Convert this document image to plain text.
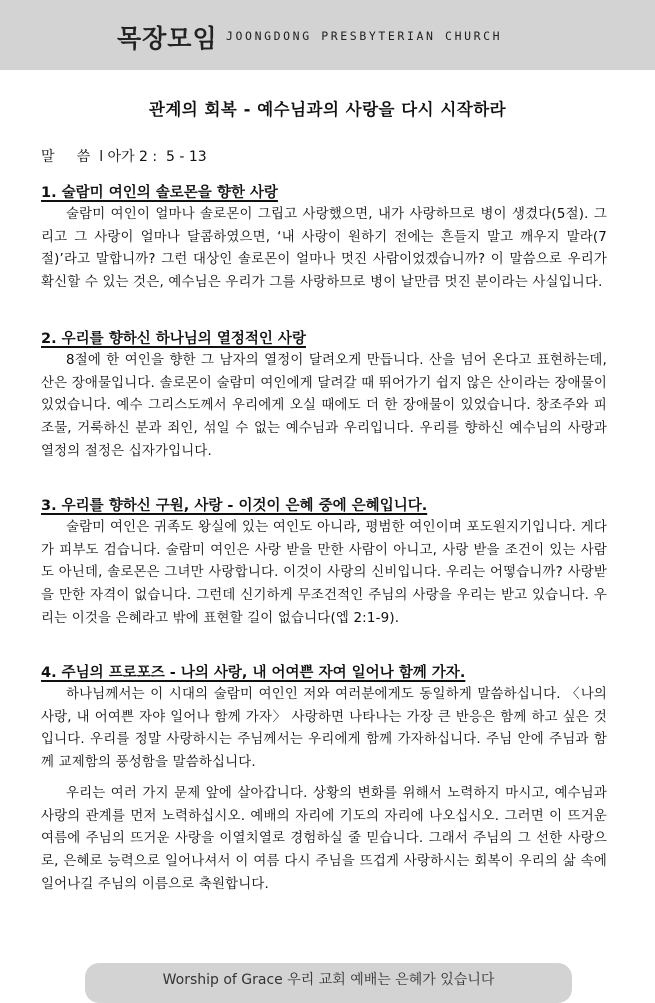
목장모임 JOONGDONG PRESBYTERIAN CHURCH
관계의 회복 - 예수님과의 사랑을 다시 시작하라
말     씀  l 아가 2 :  5 - 13

1. 술람미 여인의 솔로몬을 향한 사랑

술람미 여인이 얼마나 솔로몬이 그립고 사랑했으면, 내가 사랑하므로 병이 생겼다(5절). 그리고 그 사랑이 얼마나 달콤하였으면, ‘내 사랑이 원하기 전에는 흔들지 말고 깨우지 말라(7절)’라고 말합니까? 그런 대상인 솔로몬이 얼마나 멋진 사람이었겠습니까? 이 말씀으로 우리가 확신할 수 있는 것은, 예수님은 우리가 그를 사랑하므로 병이 날만큼 멋진 분이라는 사실입니다.

2. 우리를 향하신 하나님의 열정적인 사랑

8절에 한 여인을 향한 그 남자의 열정이 달려오게 만듭니다. 산을 넘어 온다고 표현하는데, 산은 장애물입니다. 솔로몬이 술람미 여인에게 달려갈 때 뛰어가기 쉽지 않은 산이라는 장애물이 있었습니다. 예수 그리스도께서 우리에게 오실 때에도 더 한 장애물이 있었습니다. 창조주와 피조물, 거룩하신 분과 죄인, 섞일 수 없는 예수님과 우리입니다. 우리를 향하신 예수님의 사랑과 열정의 절정은 십자가입니다.

3. 우리를 향하신 구원, 사랑 - 이것이 은혜 중에 은혜입니다.

술람미 여인은 귀족도 왕실에 있는 여인도 아니라, 평범한 여인이며 포도원지기입니다. 게다가 피부도 검습니다. 술람미 여인은 사랑 받을 만한 사람이 아니고, 사랑 받을 조건이 있는 사람도 아닌데, 솔로몬은 그녀만 사랑합니다. 이것이 사랑의 신비입니다. 우리는 어떻습니까? 사랑받을 만한 자격이 없습니다. 그런데 신기하게 무조건적인 주님의 사랑을 우리는 받고 있습니다. 우리는 이것을 은혜라고 밖에 표현할 길이 없습니다(엡 2:1-9).

4. 주님의 프로포즈 - 나의 사랑, 내 어여쁜 자여 일어나 함께 가자.

하나님께서는 이 시대의 술람미 여인인 저와 여러분에게도 동일하게 말씀하십니다. 〈나의 사랑, 내 어여쁜 자야 일어나 함께 가자〉 사랑하면 나타나는 가장 큰 반응은 함께 하고 싶은 것입니다. 우리를 정말 사랑하시는 주님께서는 우리에게 함께 가자하십니다. 주님 안에 주님과 함께 교제함의 풍성함을 말씀하십니다.

우리는 여러 가지 문제 앞에 살아갑니다. 상황의 변화를 위해서 노력하지 마시고, 예수님과 사랑의 관계를 먼저 노력하십시오. 예배의 자리에 기도의 자리에 나오십시오. 그러면 이 뜨거운 여름에 주님의 뜨거운 사랑을 이열치열로 경험하실 줄 믿습니다. 그래서 주님의 그 선한 사랑으로, 은혜로 능력으로 일어나셔서 이 여름 다시 주님을 뜨겁게 사랑하시는 회복이 우리의 삶 속에 일어나길 주님의 이름으로 축원합니다.

Worship of Grace 우리 교회 예배는 은혜가 있습니다
